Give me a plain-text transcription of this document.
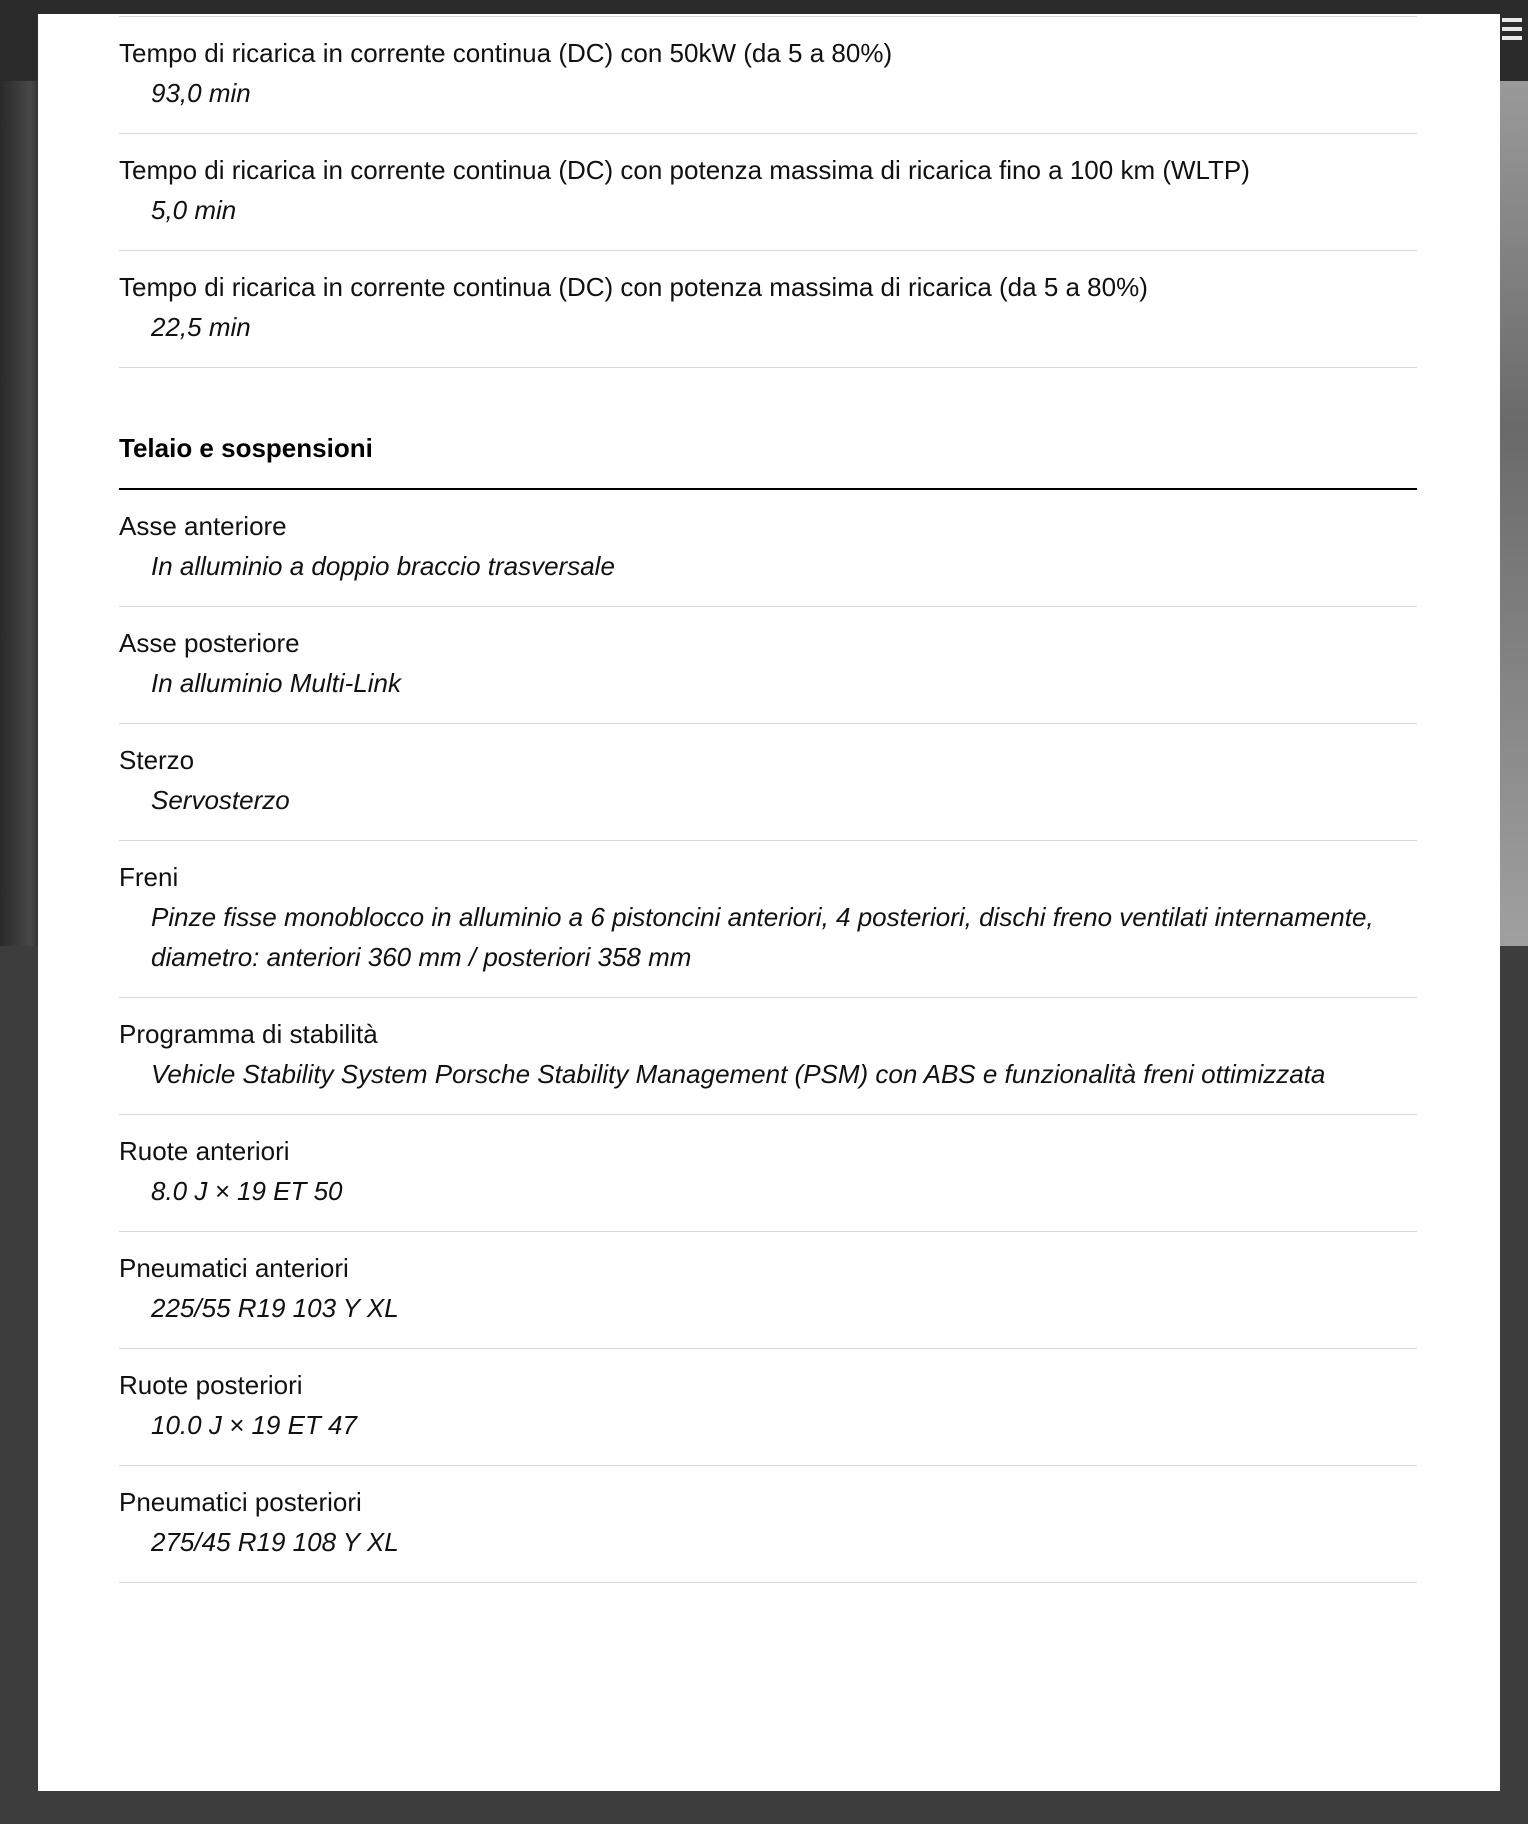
Tempo di ricarica in corrente continua (DC) con 50kW (da 5 a 80%)
93,0 min
Tempo di ricarica in corrente continua (DC) con potenza massima di ricarica fino a 100 km (WLTP)
5,0 min
Tempo di ricarica in corrente continua (DC) con potenza massima di ricarica (da 5 a 80%)
22,5 min
Telaio e sospensioni
Asse anteriore
In alluminio a doppio braccio trasversale
Asse posteriore
In alluminio Multi-Link
Sterzo
Servosterzo
Freni
Pinze fisse monoblocco in alluminio a 6 pistoncini anteriori, 4 posteriori, dischi freno ventilati internamente, diametro: anteriori 360 mm / posteriori 358 mm
Programma di stabilità
Vehicle Stability System Porsche Stability Management (PSM) con ABS e funzionalità freni ottimizzata
Ruote anteriori
8.0 J × 19 ET 50
Pneumatici anteriori
225/55 R19 103 Y XL
Ruote posteriori
10.0 J × 19 ET 47
Pneumatici posteriori
275/45 R19 108 Y XL
